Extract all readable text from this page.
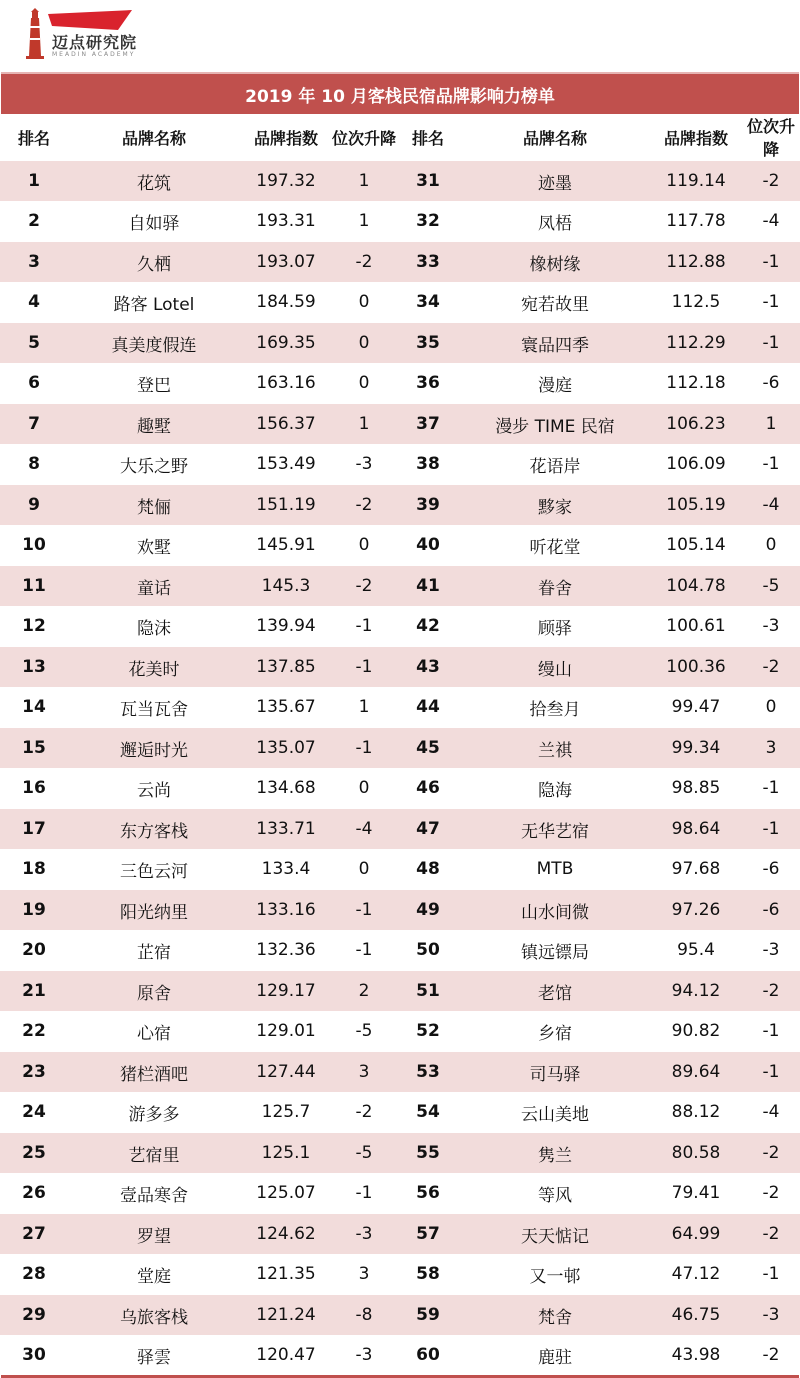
迈点研究院
MEADIN ACADEMY
2019 年 10 月客栈民宿品牌影响力榜单
排名	品牌名称	品牌指数	位次升降	排名	品牌名称	品牌指数	位次升降
1	花筑	197.32	1	31	迹墨	119.14	-2
2	自如驿	193.31	1	32	凤梧	117.78	-4
3	久栖	193.07	-2	33	橡树缘	112.88	-1
4	路客 Lotel	184.59	0	34	宛若故里	112.5	-1
5	真美度假连	169.35	0	35	寰品四季	112.29	-1
6	登巴	163.16	0	36	漫庭	112.18	-6
7	趣墅	156.37	1	37	漫步 TIME 民宿	106.23	1
8	大乐之野	153.49	-3	38	花语岸	106.09	-1
9	梵俪	151.19	-2	39	黟家	105.19	-4
10	欢墅	145.91	0	40	听花堂	105.14	0
11	童话	145.3	-2	41	眷舍	104.78	-5
12	隐沫	139.94	-1	42	顾驿	100.61	-3
13	花美时	137.85	-1	43	缦山	100.36	-2
14	瓦当瓦舍	135.67	1	44	拾叁月	99.47	0
15	邂逅时光	135.07	-1	45	兰祺	99.34	3
16	云尚	134.68	0	46	隐海	98.85	-1
17	东方客栈	133.71	-4	47	无华艺宿	98.64	-1
18	三色云河	133.4	0	48	MTB	97.68	-6
19	阳光纳里	133.16	-1	49	山水间微	97.26	-6
20	芷宿	132.36	-1	50	镇远镖局	95.4	-3
21	原舍	129.17	2	51	老馆	94.12	-2
22	心宿	129.01	-5	52	乡宿	90.82	-1
23	猪栏酒吧	127.44	3	53	司马驿	89.64	-1
24	游多多	125.7	-2	54	云山美地	88.12	-4
25	艺宿里	125.1	-5	55	隽兰	80.58	-2
26	壹品寒舍	125.07	-1	56	等风	79.41	-2
27	罗望	124.62	-3	57	天天惦记	64.99	-2
28	堂庭	121.35	3	58	又一邨	47.12	-1
29	乌旅客栈	121.24	-8	59	梵舍	46.75	-3
30	驿雲	120.47	-3	60	鹿驻	43.98	-2
